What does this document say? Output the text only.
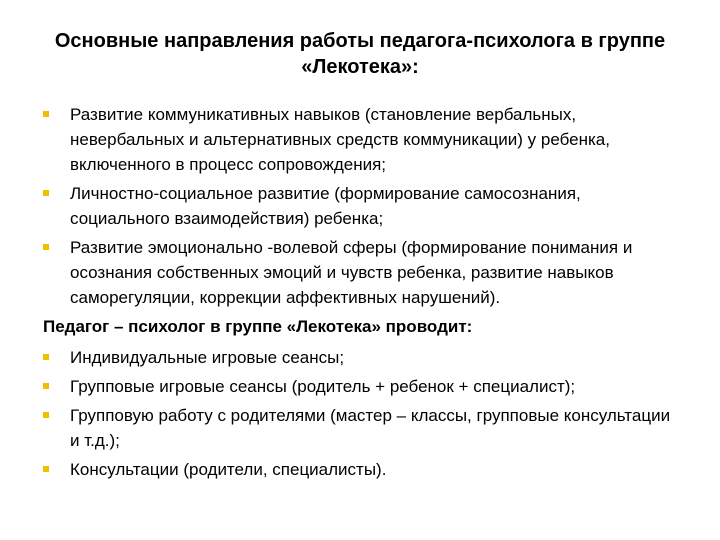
Основные направления работы педагога-психолога в группе «Лекотека»:
Развитие коммуникативных навыков (становление вербальных, невербальных и альтернативных средств коммуникации) у ребенка, включенного в процесс сопровождения;
Личностно-социальное развитие (формирование самосознания, социального взаимодействия) ребенка;
Развитие эмоционально -волевой сферы (формирование понимания и осознания собственных эмоций и чувств ребенка, развитие навыков саморегуляции, коррекции аффективных нарушений).
Педагог – психолог в группе «Лекотека» проводит:
Индивидуальные игровые сеансы;
Групповые игровые сеансы (родитель + ребенок + специалист);
Групповую работу с родителями (мастер – классы, групповые консультации и т.д.);
Консультации (родители, специалисты).
